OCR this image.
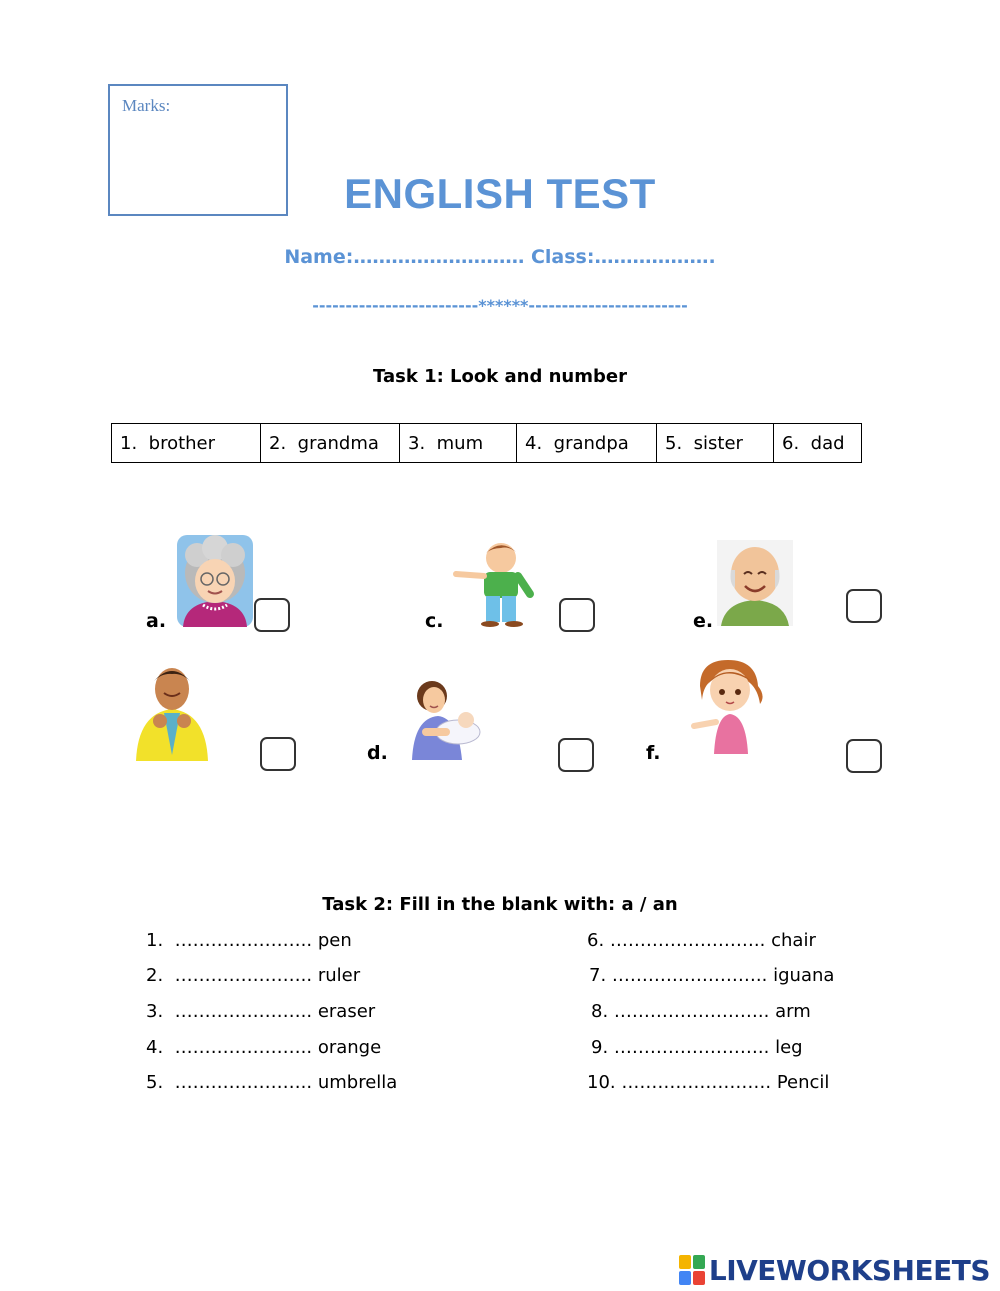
Marks:
ENGLISH TEST
Name:……………………… Class:……………….
-------------------------******------------------------
Task 1: Look and number
1. brother	2. grandma	3. mum	4. grandpa	5. sister	6. dad
a.	c.	e.
d.	f.
Task 2: Fill in the blank with: a / an
1. ………………….. pen
2. ………………….. ruler
3. ………………….. eraser
4. ………………….. orange
5. ………………….. umbrella
6. …………………….. chair
7. …………………….. iguana
8. …………………….. arm
9. …………………….. leg
10. ……………………. Pencil
LIVEWORKSHEETS
